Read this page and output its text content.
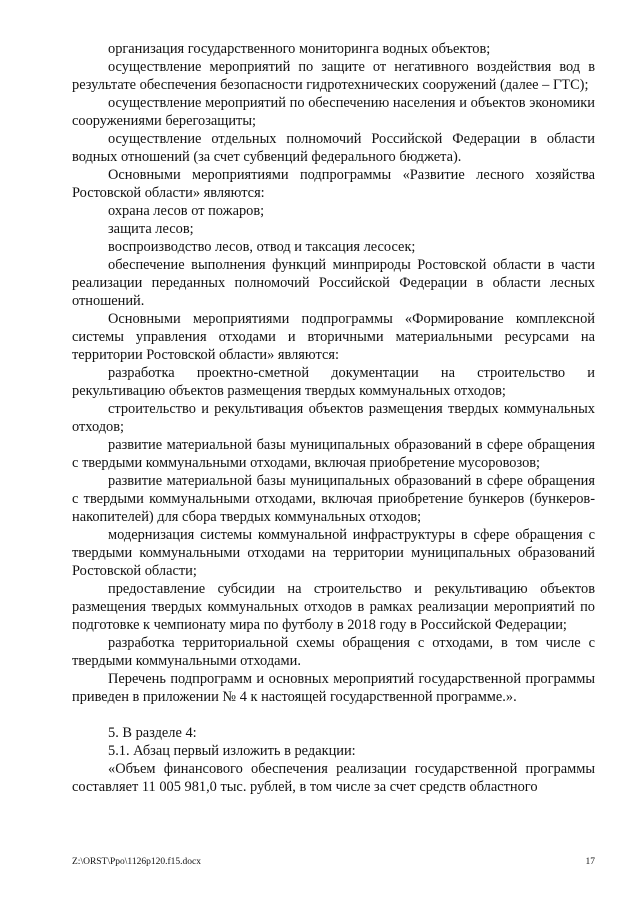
организация государственного мониторинга водных объектов;

осуществление мероприятий по защите от негативного воздействия вод в результате обеспечения безопасности гидротехнических сооружений (далее – ГТС);

осуществление мероприятий по обеспечению населения и объектов экономики сооружениями берегозащиты;

осуществление отдельных полномочий Российской Федерации в области водных отношений (за счет субвенций федерального бюджета).

Основными мероприятиями подпрограммы «Развитие лесного хозяйства Ростовской области» являются:

охрана лесов от пожаров;

защита лесов;

воспроизводство лесов, отвод и таксация лесосек;

обеспечение выполнения функций минприроды Ростовской области в части реализации переданных полномочий Российской Федерации в области лесных отношений.

Основными мероприятиями подпрограммы «Формирование комплексной системы управления отходами и вторичными материальными ресурсами на территории Ростовской области» являются:

разработка проектно-сметной документации на строительство и рекультивацию объектов размещения твердых коммунальных отходов;

строительство и рекультивация объектов размещения твердых коммунальных отходов;

развитие материальной базы муниципальных образований в сфере обращения с твердыми коммунальными отходами, включая приобретение мусоровозов;

развитие материальной базы муниципальных образований в сфере обращения с твердыми коммунальными отходами, включая приобретение бункеров (бункеров-накопителей) для сбора твердых коммунальных отходов;

модернизация системы коммунальной инфраструктуры в сфере обращения с твердыми коммунальными отходами на территории муниципальных образований Ростовской области;

предоставление субсидии на строительство и рекультивацию объектов размещения твердых коммунальных отходов в рамках реализации мероприятий по подготовке к чемпионату мира по футболу в 2018 году в Российской Федерации;

разработка территориальной схемы обращения с отходами, в том числе с твердыми коммунальными отходами.

Перечень подпрограмм и основных мероприятий государственной программы приведен в приложении № 4 к настоящей государственной программе.».

5. В разделе 4:

5.1. Абзац первый изложить в редакции:

«Объем финансового обеспечения реализации государственной программы составляет 11 005 981,0 тыс. рублей, в том числе за счет средств областного

Z:\ORST\Ppo\1126p120.f15.docx	17
